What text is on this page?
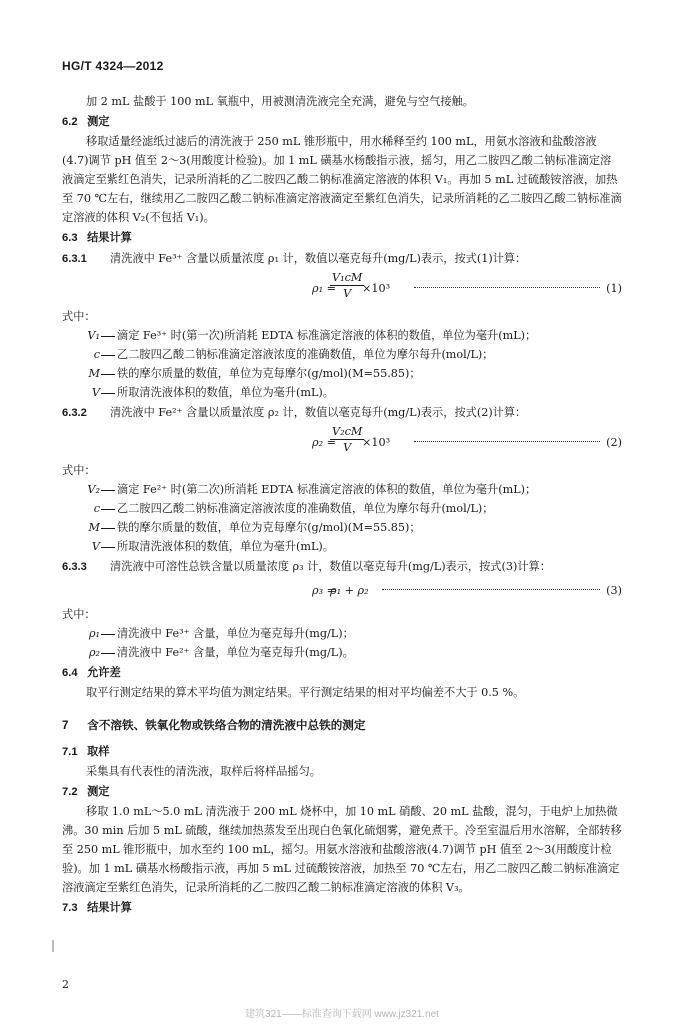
HG/T 4324—2012

加 2 mL 盐酸于 100 mL 氧瓶中，用被测清洗液完全充满，避免与空气接触。

6.2 测定

移取适量经滤纸过滤后的清洗液于 250 mL 锥形瓶中，用水稀释至约 100 mL，用氨水溶液和盐酸溶液(4.7)调节 pH 值至 2～3(用酸度计检验)。加 1 mL 磺基水杨酸指示液，摇匀，用乙二胺四乙酸二钠标准滴定溶液滴定至紫红色消失，记录所消耗的乙二胺四乙酸二钠标准滴定溶液的体积 V₁。再加 5 mL 过硫酸铵溶液，加热至 70 ℃左右，继续用乙二胺四乙酸二钠标准滴定溶液滴定至紫红色消失，记录所消耗的乙二胺四乙酸二钠标准滴定溶液的体积 V₂(不包括 V₁)。

6.3 结果计算

6.3.1 清洗液中 Fe³⁺ 含量以质量浓度 ρ₁ 计，数值以毫克每升(mg/L)表示，按式(1)计算：

ρ₁ =
$\frac{\text{V₁cM}}{V}$
×10³	(1)

式中：

V₁ 滴定 Fe³⁺ 时(第一次)所消耗 EDTA 标准滴定溶液的体积的数值，单位为毫升(mL)；

c 乙二胺四乙酸二钠标准滴定溶液浓度的准确数值，单位为摩尔每升(mol/L)；

M 铁的摩尔质量的数值，单位为克每摩尔(g/mol)(M=55.85)；

V 所取清洗液体积的数值，单位为毫升(mL)。

6.3.2 清洗液中 Fe²⁺ 含量以质量浓度 ρ₂ 计，数值以毫克每升(mg/L)表示，按式(2)计算：

ρ₂ =
$\frac{\text{V₂cM}}{V}$
×10³	(2)

式中：

V₂ 滴定 Fe²⁺ 时(第二次)所消耗 EDTA 标准滴定溶液的体积的数值，单位为毫升(mL)；

c 乙二胺四乙酸二钠标准滴定溶液浓度的准确数值，单位为摩尔每升(mol/L)；

M 铁的摩尔质量的数值，单位为克每摩尔(g/mol)(M=55.85)；

V 所取清洗液体积的数值，单位为毫升(mL)。

6.3.3 清洗液中可溶性总铁含量以质量浓度 ρ₃ 计，数值以毫克每升(mg/L)表示，按式(3)计算：

ρ₃ =
ρ₁ + ρ₂	(3)

式中：

ρ₁ 清洗液中 Fe³⁺ 含量，单位为毫克每升(mg/L)；

ρ₂ 清洗液中 Fe²⁺ 含量，单位为毫克每升(mg/L)。

6.4 允许差

取平行测定结果的算术平均值为测定结果。平行测定结果的相对平均偏差不大于 0.5 %。

7 含不溶铁、铁氧化物或铁络合物的清洗液中总铁的测定

7.1 取样

采集具有代表性的清洗液，取样后将样品摇匀。

7.2 测定

移取 1.0 mL～5.0 mL 清洗液于 200 mL 烧杯中，加 10 mL 硝酸、20 mL 盐酸，混匀，于电炉上加热微沸。30 min 后加 5 mL 硫酸，继续加热蒸发至出现白色氧化硫烟雾，避免煮干。冷至室温后用水溶解，全部转移至 250 mL 锥形瓶中，加水至约 100 mL，摇匀。用氨水溶液和盐酸溶液(4.7)调节 pH 值至 2～3(用酸度计检验)。加 1 mL 磺基水杨酸指示液，再加 5 mL 过硫酸铵溶液，加热至 70 ℃左右，用乙二胺四乙酸二钠标准滴定溶液滴定至紫红色消失，记录所消耗的乙二胺四乙酸二钠标准滴定溶液的体积 V₃。

7.3 结果计算

2
建筑321——标准查询下载网 www.jz321.net
